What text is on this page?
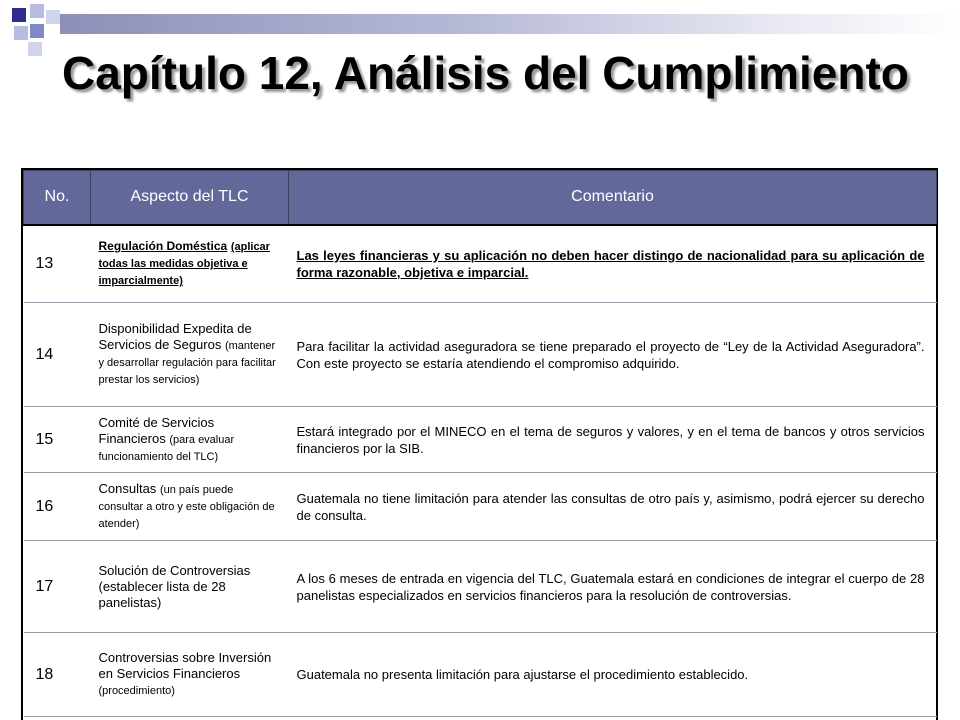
Capítulo 12, Análisis del Cumplimiento
No.	Aspecto del TLC	Comentario
13	Regulación Doméstica (aplicar todas las medidas objetiva e imparcialmente)	Las leyes financieras y su aplicación no deben hacer distingo de nacionalidad para su aplicación de forma razonable, objetiva e imparcial.
14	Disponibilidad Expedita de Servicios de Seguros (mantener y desarrollar regulación para facilitar prestar los servicios)	Para facilitar la actividad aseguradora se tiene preparado el proyecto de “Ley de la Actividad Aseguradora”. Con este proyecto se estaría atendiendo el compromiso adquirido.
15	Comité de Servicios Financieros (para evaluar funcionamiento del TLC)	Estará integrado por el MINECO en el tema de seguros y valores, y en el tema de bancos y otros servicios financieros por la SIB.
16	Consultas (un país puede consultar a otro y este obligación de atender)	Guatemala no tiene limitación para atender las consultas de otro país y, asimismo, podrá ejercer su derecho de consulta.
17	Solución de Controversias (establecer lista de 28 panelistas)	A los 6 meses de entrada en vigencia del TLC, Guatemala estará en condiciones de integrar el cuerpo de 28 panelistas especializados en servicios financieros para la resolución de controversias.
18	Controversias sobre Inversión en Servicios Financieros (procedimiento)	Guatemala no presenta limitación para ajustarse el procedimiento establecido.
